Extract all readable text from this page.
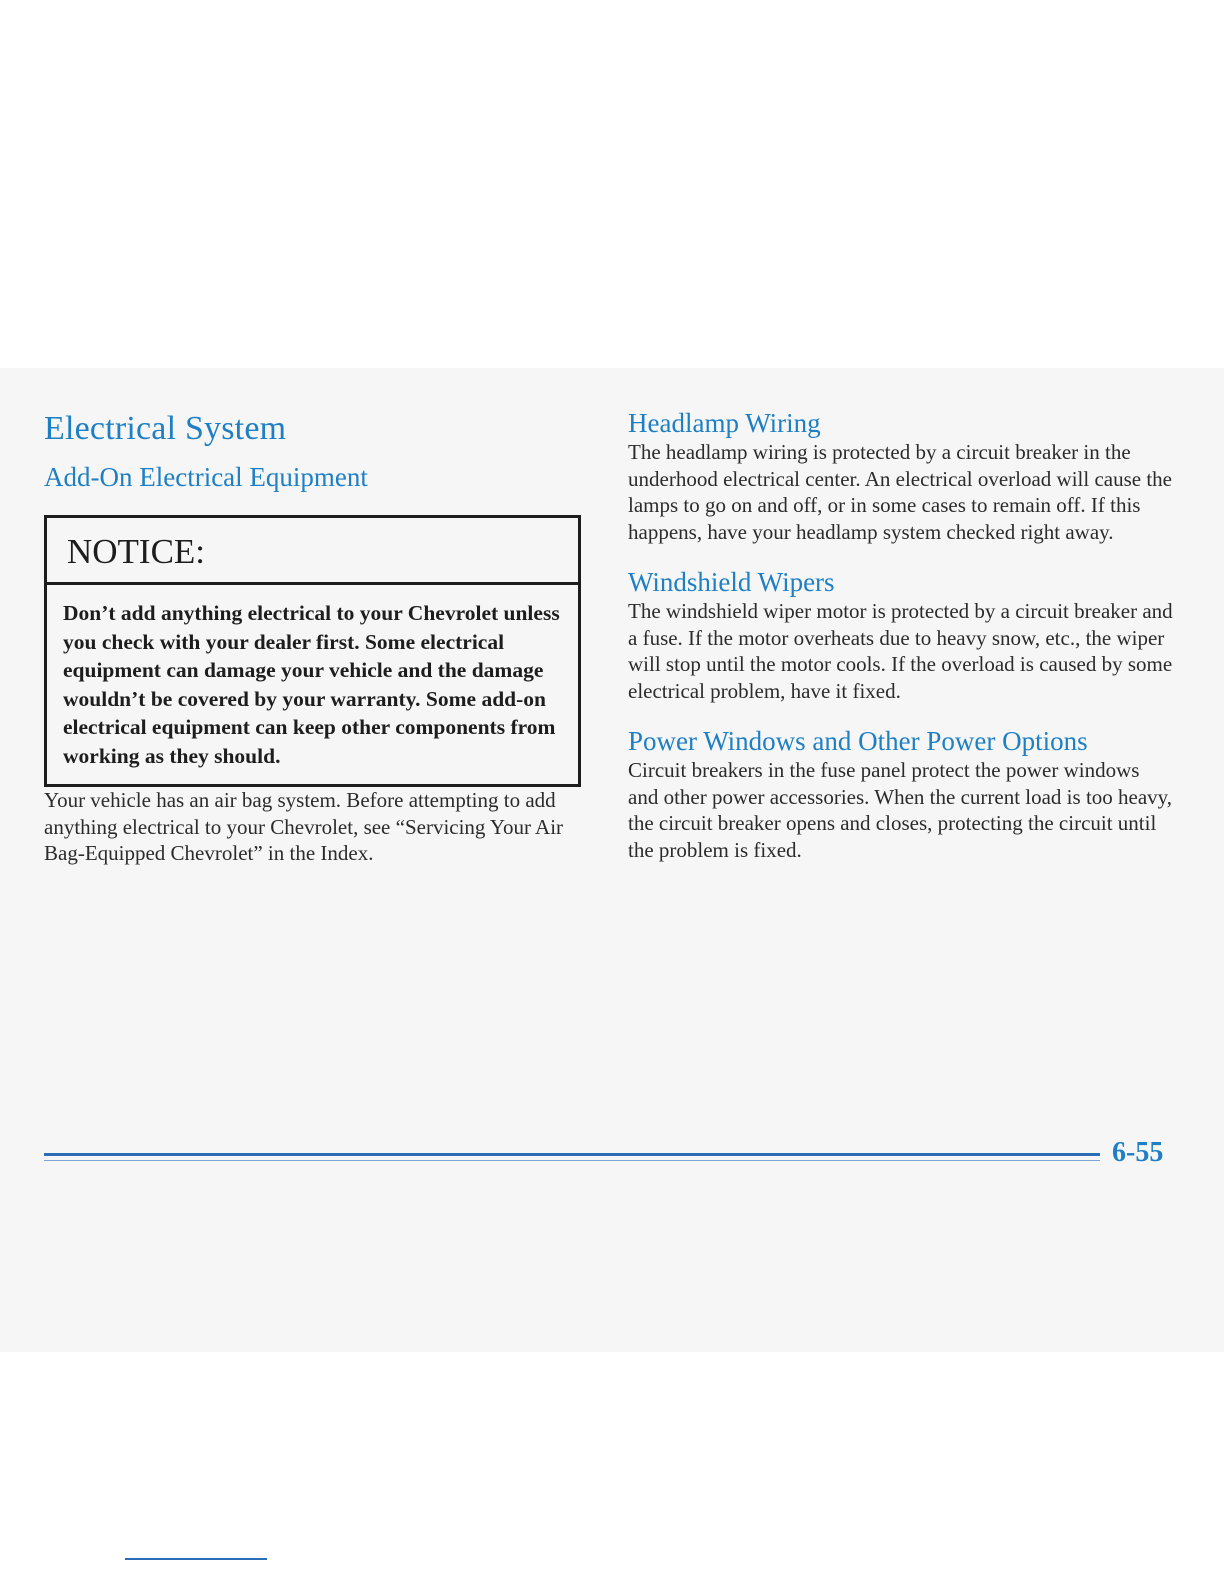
Electrical System
Add-On Electrical Equipment
NOTICE:
Don’t add anything electrical to your Chevrolet unless you check with your dealer first. Some electrical equipment can damage your vehicle and the damage wouldn’t be covered by your warranty. Some add-on electrical equipment can keep other components from working as they should.

Your vehicle has an air bag system. Before attempting to add anything electrical to your Chevrolet, see “Servicing Your Air Bag-Equipped Chevrolet” in the Index.

Headlamp Wiring

The headlamp wiring is protected by a circuit breaker in the underhood electrical center. An electrical overload will cause the lamps to go on and off, or in some cases to remain off. If this happens, have your headlamp system checked right away.

Windshield Wipers

The windshield wiper motor is protected by a circuit breaker and a fuse. If the motor overheats due to heavy snow, etc., the wiper will stop until the motor cools. If the overload is caused by some electrical problem, have it fixed.

Power Windows and Other Power Options

Circuit breakers in the fuse panel protect the power windows and other power accessories. When the current load is too heavy, the circuit breaker opens and closes, protecting the circuit until the problem is fixed.

6-55
